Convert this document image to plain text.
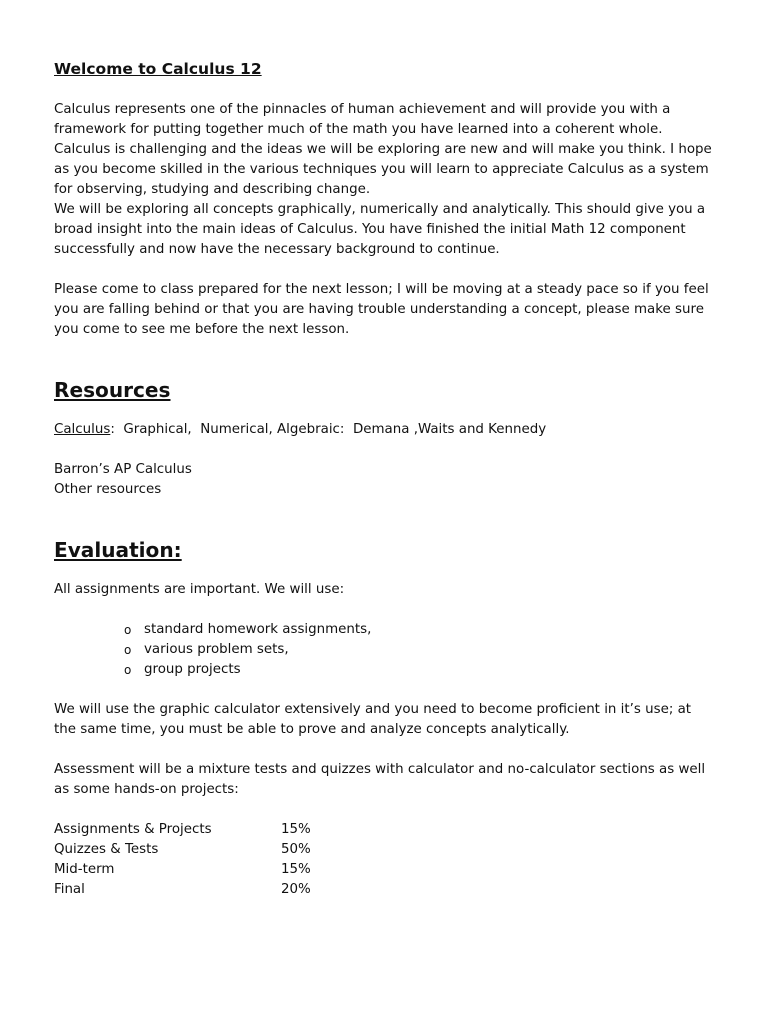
Welcome to Calculus 12

Calculus represents one of the pinnacles of human achievement and will provide you with a framework for putting together much of the math you have learned into a coherent whole. Calculus is challenging and the ideas we will be exploring are new and will make you think. I hope as you become skilled in the various techniques you will learn to appreciate Calculus as a system for observing, studying and describing change.

We will be exploring all concepts graphically, numerically and analytically. This should give you a broad insight into the main ideas of Calculus. You have finished the initial Math 12 component successfully and now have the necessary background to continue.

Please come to class prepared for the next lesson; I will be moving at a steady pace so if you feel you are falling behind or that you are having trouble understanding a concept, please make sure you come to see me before the next lesson.

Resources

Calculus:  Graphical,  Numerical, Algebraic:  Demana ,Waits and Kennedy

Barron’s AP Calculus

Other resources

Evaluation:

All assignments are important. We will use:

o standard homework assignments,
o various problem sets,
o group projects

We will use the graphic calculator extensively and you need to become proficient in it’s use; at the same time, you must be able to prove and analyze concepts analytically.

Assessment will be a mixture tests and quizzes with calculator and no-calculator sections as well as some hands-on projects:

Assignments & Projects	15%
Quizzes & Tests	50%
Mid-term	15%
Final	20%
